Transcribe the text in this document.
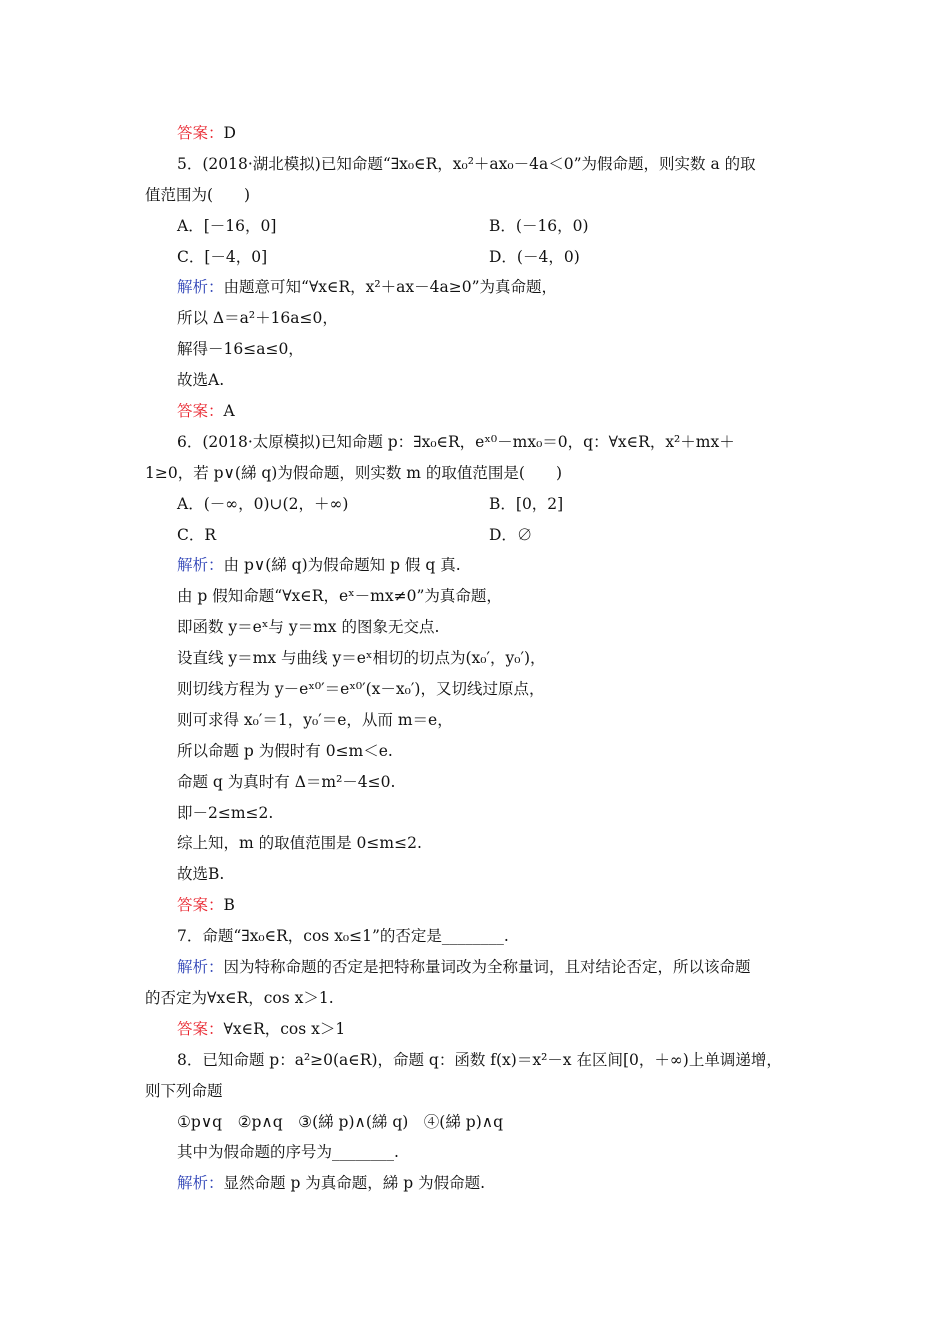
答案：D
5．(2018·湖北模拟)已知命题“∃x₀∈R，x₀²＋ax₀－4a＜0”为假命题，则实数 a 的取
值范围为(　　)
A．[－16，0]	B．(－16，0)
C．[－4，0]	D．(－4，0)
解析：由题意可知“∀x∈R，x²＋ax－4a≥0”为真命题，
所以 Δ＝a²＋16a≤0，
解得－16≤a≤0，
故选A.
答案：A
6．(2018·太原模拟)已知命题 p：∃x₀∈R，eˣ⁰－mx₀＝0，q：∀x∈R，x²＋mx＋
1≥0，若 p∨(綈 q)为假命题，则实数 m 的取值范围是(　　)
A．(－∞，0)∪(2，＋∞)	B．[0，2]
C．R	D．∅
解析：由 p∨(綈 q)为假命题知 p 假 q 真.
由 p 假知命题“∀x∈R，eˣ－mx≠0”为真命题，
即函数 y＝eˣ与 y＝mx 的图象无交点.
设直线 y＝mx 与曲线 y＝eˣ相切的切点为(x₀′，y₀′)，
则切线方程为 y－eˣ⁰′＝eˣ⁰′(x－x₀′)，又切线过原点，
则可求得 x₀′＝1，y₀′＝e，从而 m＝e，
所以命题 p 为假时有 0≤m＜e.
命题 q 为真时有 Δ＝m²－4≤0.
即－2≤m≤2.
综上知，m 的取值范围是 0≤m≤2.
故选B.
答案：B
7．命题“∃x₀∈R，cos x₀≤1”的否定是________.
解析：因为特称命题的否定是把特称量词改为全称量词，且对结论否定，所以该命题
的否定为∀x∈R，cos x＞1.
答案：∀x∈R，cos x＞1
8．已知命题 p：a²≥0(a∈R)，命题 q：函数 f(x)＝x²－x 在区间[0，＋∞)上单调递增，
则下列命题
①p∨q　②p∧q　③(綈 p)∧(綈 q)　④(綈 p)∧q
其中为假命题的序号为________.
解析：显然命题 p 为真命题，綈 p 为假命题.
